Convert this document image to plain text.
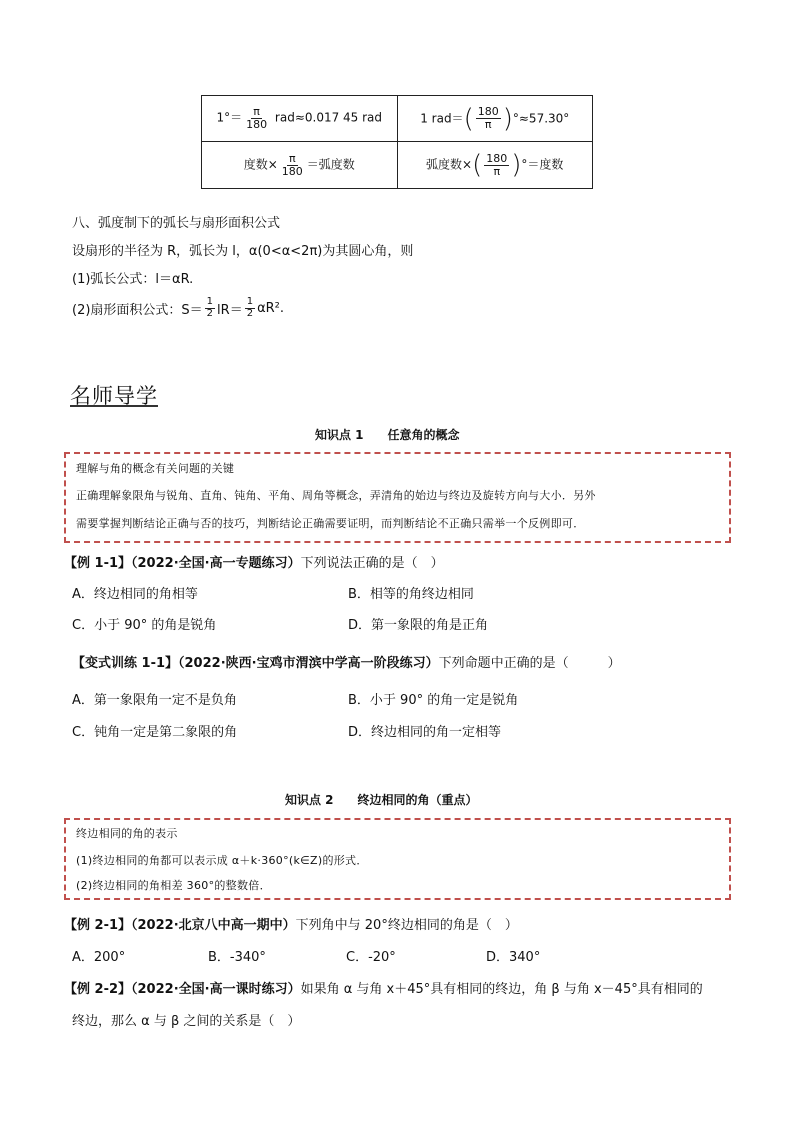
$1^\circ= \frac{\pi}{180} rad\approx 0.017$ 45 rad	1 $rad=( \frac{180}{\pi} )^\circ\approx 57.30^\circ$
度数× $\frac{\pi}{180}$ ＝弧度数	弧度数×( $\frac{180}{\pi}$ )°＝度数
八、弧度制下的弧长与扇形面积公式
设扇形的半径为 R，弧长为 l，α(0<α<2π)为其圆心角，则
(1)弧长公式：l＝αR.
(2)扇形面积公式：$S= \frac{1}{2} lR= \frac{1}{2} \alpha R^2$.
名师导学
知识点 1　　任意角的概念
理解与角的概念有关问题的关键
正确理解象限角与锐角、直角、钝角、平角、周角等概念，弄清角的始边与终边及旋转方向与大小．另外
需要掌握判断结论正确与否的技巧，判断结论正确需要证明，而判断结论不正确只需举一个反例即可．
【例 1-1】（2022·全国·高一专题练习）下列说法正确的是（　）
A．终边相同的角相等	B．相等的角终边相同
C．小于 90° 的角是锐角	D．第一象限的角是正角
【变式训练 1-1】（2022·陕西·宝鸡市渭滨中学高一阶段练习）下列命题中正确的是（　　　）
A．第一象限角一定不是负角	B．小于 90° 的角一定是锐角
C．钝角一定是第二象限的角	D．终边相同的角一定相等
知识点 2　　终边相同的角（重点）
终边相同的角的表示
(1)终边相同的角都可以表示成 α＋k·360°(k∈Z)的形式．
(2)终边相同的角相差 360°的整数倍．
【例 2-1】（2022·北京八中高一期中）下列角中与 20°终边相同的角是（　）
A．200°	B．-340°	C．-20°	D．340°
【例 2-2】（2022·全国·高一课时练习）如果角 α 与角 x＋45°具有相同的终边，角 β 与角 x－45°具有相同的
终边，那么 α 与 β 之间的关系是（　）
